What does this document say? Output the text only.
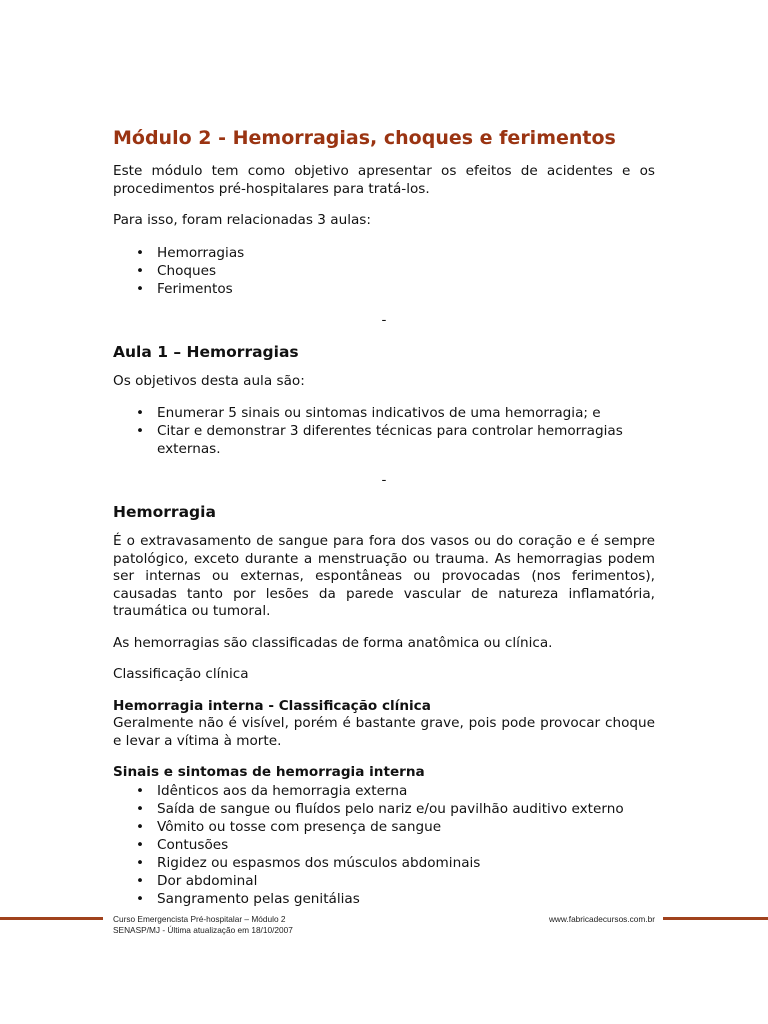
Módulo 2 - Hemorragias, choques e ferimentos

Este módulo tem como objetivo apresentar os efeitos de acidentes e os procedimentos pré-hospitalares para tratá-los.

Para isso, foram relacionadas 3 aulas:

• Hemorragias
• Choques
• Ferimentos
-
Aula 1 – Hemorragias

Os objetivos desta aula são:

• Enumerar 5 sinais ou sintomas indicativos de uma hemorragia; e
• Citar e demonstrar 3 diferentes técnicas para controlar hemorragias externas.
-
Hemorragia

É o extravasamento de sangue para fora dos vasos ou do coração e é sempre patológico, exceto durante a menstruação ou trauma. As hemorragias podem ser internas ou externas, espontâneas ou provocadas (nos ferimentos), causadas tanto por lesões da parede vascular de natureza inflamatória, traumática ou tumoral.

As hemorragias são classificadas de forma anatômica ou clínica.

Classificação clínica

Hemorragia interna - Classificação clínica

Geralmente não é visível, porém é bastante grave, pois pode provocar choque e levar a vítima à morte.

Sinais e sintomas de hemorragia interna
• Idênticos aos da hemorragia externa
• Saída de sangue ou fluídos pelo nariz e/ou pavilhão auditivo externo
• Vômito ou tosse com presença de sangue
• Contusões
• Rigidez ou espasmos dos músculos abdominais
• Dor abdominal
• Sangramento pelas genitálias
Curso Emergencista Pré-hospitalar – Módulo 2
SENASP/MJ - Última atualização em 18/10/2007
www.fabricadecursos.com.br
